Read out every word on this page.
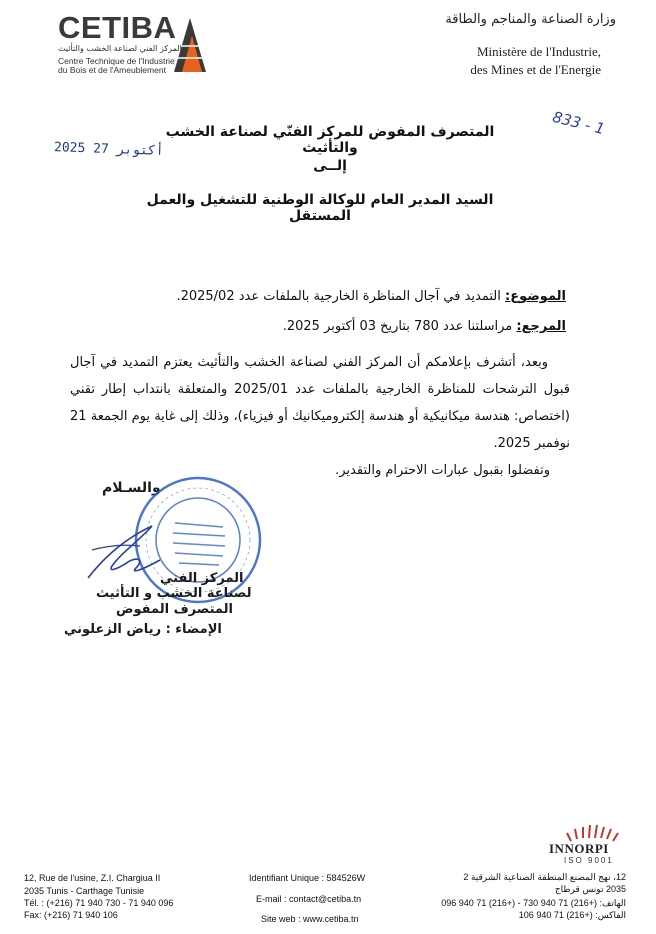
CETIBA
المركز الفني لصناعة الخشب والتأثيث
Centre Technique de l'Industrie
du Bois et de l'Ameublement
وزارة الصناعة والمناجم والطاقة
Ministère de l'Industrie,
des Mines et de l'Energie
2025 أكتوبر 27
833 - 1
المتصرف المفوض للمركز الفنّي لصناعة الخشب والتأثيث
إلــى
السيد المدير العام للوكالة الوطنية للتشغيل والعمل المستقل
الموضوع: التمديد في آجال المناظرة الخارجية بالملفات عدد 2025/02.
المرجع: مراسلتنا عدد 780 بتاريخ 03 أكتوبر 2025.
وبعد، أتشرف بإعلامكم أن المركز الفني لصناعة الخشب والتأثيث يعتزم التمديد في آجال قبول الترشحات للمناظرة الخارجية بالملفات عدد 2025/01 والمتعلقة بانتداب إطار تقني (اختصاص: هندسة ميكانيكية أو هندسة إلكتروميكانيك أو فيزياء)، وذلك إلى غاية يوم الجمعة 21 نوفمبر 2025.
وتفضلوا بقبول عبارات الاحترام والتقدير.
والسـلام
المركز الفني
لصناعة الخشب و التأثيث
المتصرف المفوض
الإمضاء : رياض الزعلوني
INNORPI
ISO 9001
12, Rue de l'usine, Z.I. Chargiua II
2035 Tunis - Carthage Tunisie
Tél. : (+216) 71 940 730 - 71 940 096
Fax: (+216) 71 940 106
Identifiant Unique : 584526W
E-mail : contact@cetiba.tn
Site web : www.cetiba.tn
12، نهج المصنع المنطقة الصناعية الشرقية 2
2035 تونس قرطاج
الهاتف: (+216) 71 940 730 - (+216) 71 940 096
الفاكس: (+216) 71 940 106
